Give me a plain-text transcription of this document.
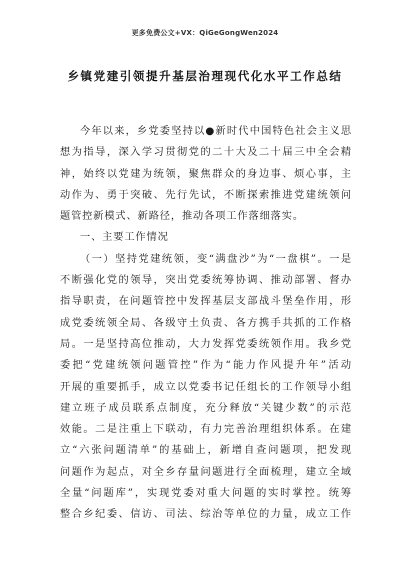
更多免费公文+VX：QiGeGongWen2024
乡镇党建引领提升基层治理现代化水平工作总结
今年以来，乡党委坚持以●新时代中国特色社会主义思
想为指导，深入学习贯彻党的二十大及二十届三中全会精
神，始终以党建为统领，聚焦群众的身边事、烦心事，主
动作为、勇于突破、先行先试，不断探索推进党建统领问
题管控新模式、新路径，推动各项工作落细落实。
一、主要工作情况
（一）坚持党建统领，变“满盘沙”为“一盘棋”。一是
不断强化党的领导，突出党委统筹协调、推动部署、督办
指导职责，在问题管控中发挥基层支部战斗堡垒作用，形
成党委统领全局、各级守土负责、各方携手共抓的工作格
局。一是坚持高位推动，大力发挥党委统领作用。我乡党
委把“党建统领问题管控”作为“能力作风提升年”活动
开展的重要抓手，成立以党委书记任组长的工作领导小组
建立班子成员联系点制度，充分释放“关键少数”的示范
效能。二是注重上下联动，有力完善治理组织体系。在建
立“六张问题清单”的基础上，新增自查问题项，把发现
问题作为起点，对全乡存量问题进行全面梳理，建立全域
全量“问题库”，实现党委对重大问题的实时掌控。统筹
整合乡纪委、信访、司法、综治等单位的力量，成立工作
